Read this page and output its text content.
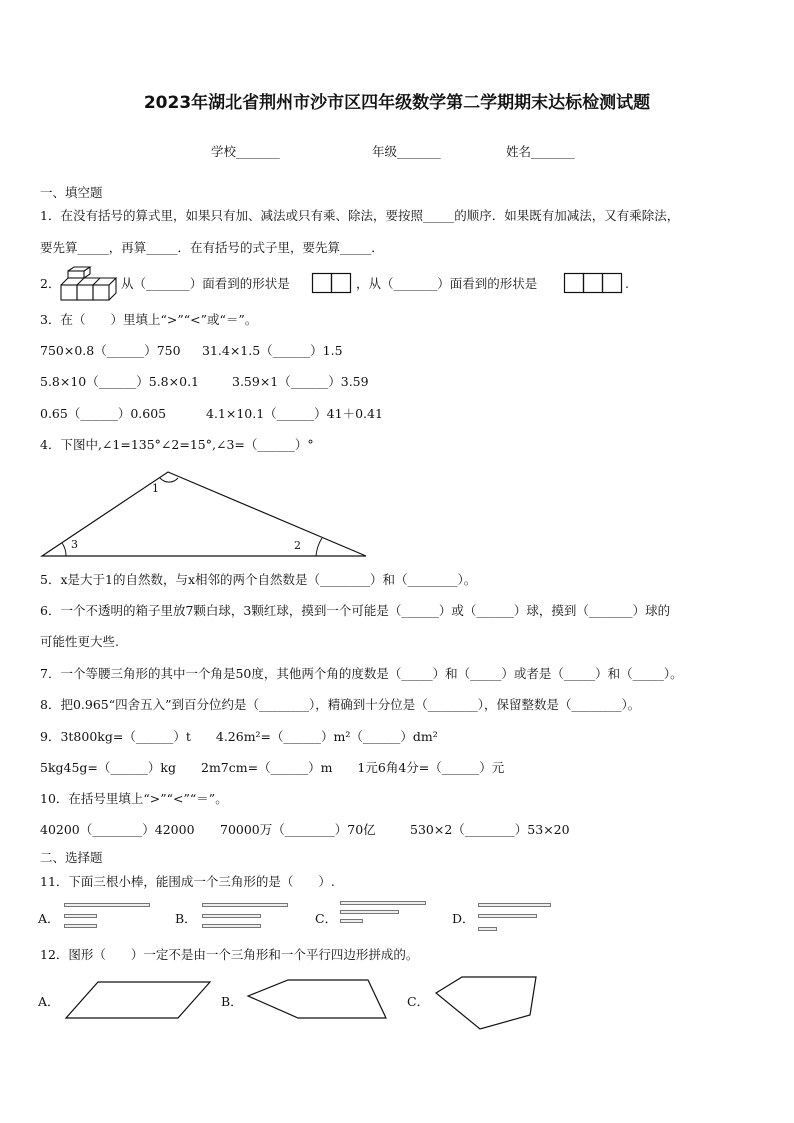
2023年湖北省荆州市沙市区四年级数学第二学期期末达标检测试题
学校_______	年级_______	姓名_______
一、填空题
1．在没有括号的算式里，如果只有加、减法或只有乘、除法，要按照_____的顺序．如果既有加减法，又有乘除法，
要先算_____，再算_____．在有括号的式子里，要先算_____．
2．	从（_______）面看到的形状是	，从（_______）面看到的形状是	.
3．在（　　）里填上“>”“<”或“＝”。
750×0.8（______）750 31.4×1.5（______）1.5
5.8×10（______）5.8×0.1	3.59×1（______）3.59
0.65（______）0.605	4.1×10.1（______）41＋0.41
4．下图中,∠1=135°∠2=15°,∠3=（______）°
1
2
3
5．x是大于1的自然数，与x相邻的两个自然数是（________）和（________）。
6．一个不透明的箱子里放7颗白球，3颗红球，摸到一个可能是（______）或（______）球，摸到（_______）球的
可能性更大些.
7．一个等腰三角形的其中一个角是50度，其他两个角的度数是（_____）和（_____）或者是（_____）和（_____）。
8．把0.965“四舍五入”到百分位约是（________），精确到十分位是（________），保留整数是（________）。
9．3t800kg=（______）t　　4.26m²=（______）m²（______）dm²
5kg45g=（______）kg　　2m7cm=（______）m　　1元6角4分=（______）元
10．在括号里填上“>”“<”“＝”。
40200（________）42000 70000万（________）70亿	530×2（________）53×20
二、选择题
11．下面三根小棒，能围成一个三角形的是（　　）.
A．	B．	C．	D．
12．图形（　　）一定不是由一个三角形和一个平行四边形拼成的。
A．	B．	C．
